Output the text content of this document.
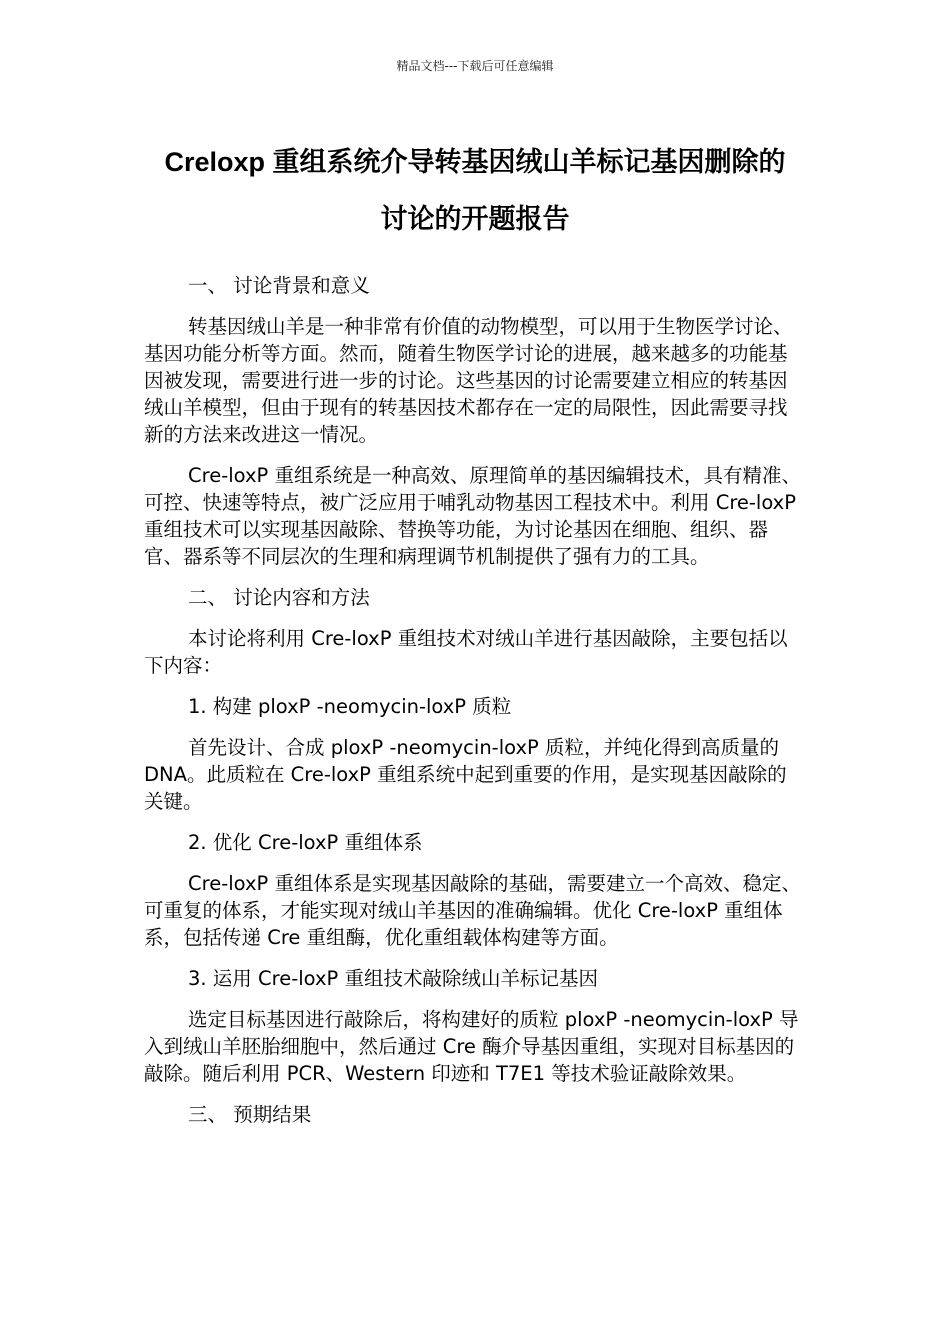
精品文档---下载后可任意编辑
Creloxp 重组系统介导转基因绒山羊标记基因删除的
讨论的开题报告

一、 讨论背景和意义

转基因绒山羊是一种非常有价值的动物模型，可以用于生物医学讨论、基因功能分析等方面。然而，随着生物医学讨论的进展，越来越多的功能基因被发现，需要进行进一步的讨论。这些基因的讨论需要建立相应的转基因绒山羊模型，但由于现有的转基因技术都存在一定的局限性，因此需要寻找新的方法来改进这一情况。

Cre-loxP 重组系统是一种高效、原理简单的基因编辑技术，具有精准、可控、快速等特点，被广泛应用于哺乳动物基因工程技术中。利用 Cre-loxP 重组技术可以实现基因敲除、替换等功能，为讨论基因在细胞、组织、器官、器系等不同层次的生理和病理调节机制提供了强有力的工具。

二、 讨论内容和方法

本讨论将利用 Cre-loxP 重组技术对绒山羊进行基因敲除，主要包括以下内容：

1. 构建 ploxP -neomycin-loxP 质粒

首先设计、合成 ploxP -neomycin-loxP 质粒，并纯化得到高质量的 DNA。此质粒在 Cre-loxP 重组系统中起到重要的作用，是实现基因敲除的关键。

2. 优化 Cre-loxP 重组体系

Cre-loxP 重组体系是实现基因敲除的基础，需要建立一个高效、稳定、可重复的体系，才能实现对绒山羊基因的准确编辑。优化 Cre-loxP 重组体系，包括传递 Cre 重组酶，优化重组载体构建等方面。

3. 运用 Cre-loxP 重组技术敲除绒山羊标记基因

选定目标基因进行敲除后，将构建好的质粒 ploxP -neomycin-loxP 导入到绒山羊胚胎细胞中，然后通过 Cre 酶介导基因重组，实现对目标基因的敲除。随后利用 PCR、Western 印迹和 T7E1 等技术验证敲除效果。

三、 预期结果
